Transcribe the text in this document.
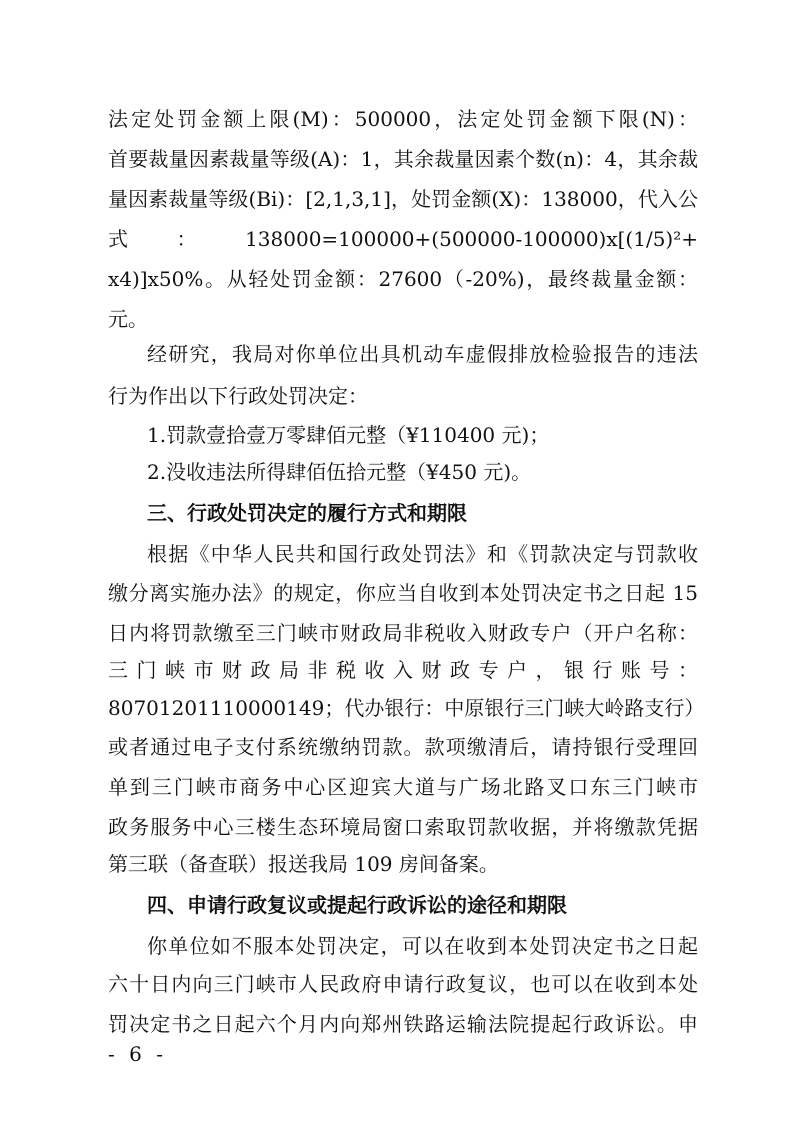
法定处罚金额上限(M)：500000，法定处罚金额下限(N)：
首要裁量因素裁量等级(A)：1，其余裁量因素个数(n)：4，其余裁
量因素裁量等级(Bi)：[2,1,3,1]，处罚金额(X)：138000，代入公
式：138000=100000+(500000-100000)x[(1/5)²+
x4)]x50%。从轻处罚金额：27600（-20%)，最终裁量金额：
元。
经研究，我局对你单位出具机动车虚假排放检验报告的违法
行为作出以下行政处罚决定：
1.罚款壹拾壹万零肆佰元整（¥110400 元)；
2.没收违法所得肆佰伍拾元整（¥450 元)。
三、行政处罚决定的履行方式和期限
根据《中华人民共和国行政处罚法》和《罚款决定与罚款收
缴分离实施办法》的规定，你应当自收到本处罚决定书之日起 15
日内将罚款缴至三门峡市财政局非税收入财政专户（开户名称：
三门峡市财政局非税收入财政专户，银行账号：
80701201110000149；代办银行：中原银行三门峡大岭路支行）
或者通过电子支付系统缴纳罚款。款项缴清后，请持银行受理回
单到三门峡市商务中心区迎宾大道与广场北路叉口东三门峡市
政务服务中心三楼生态环境局窗口索取罚款收据，并将缴款凭据
第三联（备查联）报送我局 109 房间备案。
四、申请行政复议或提起行政诉讼的途径和期限
你单位如不服本处罚决定，可以在收到本处罚决定书之日起
六十日内向三门峡市人民政府申请行政复议，也可以在收到本处
罚决定书之日起六个月内向郑州铁路运输法院提起行政诉讼。申
- 6 -
